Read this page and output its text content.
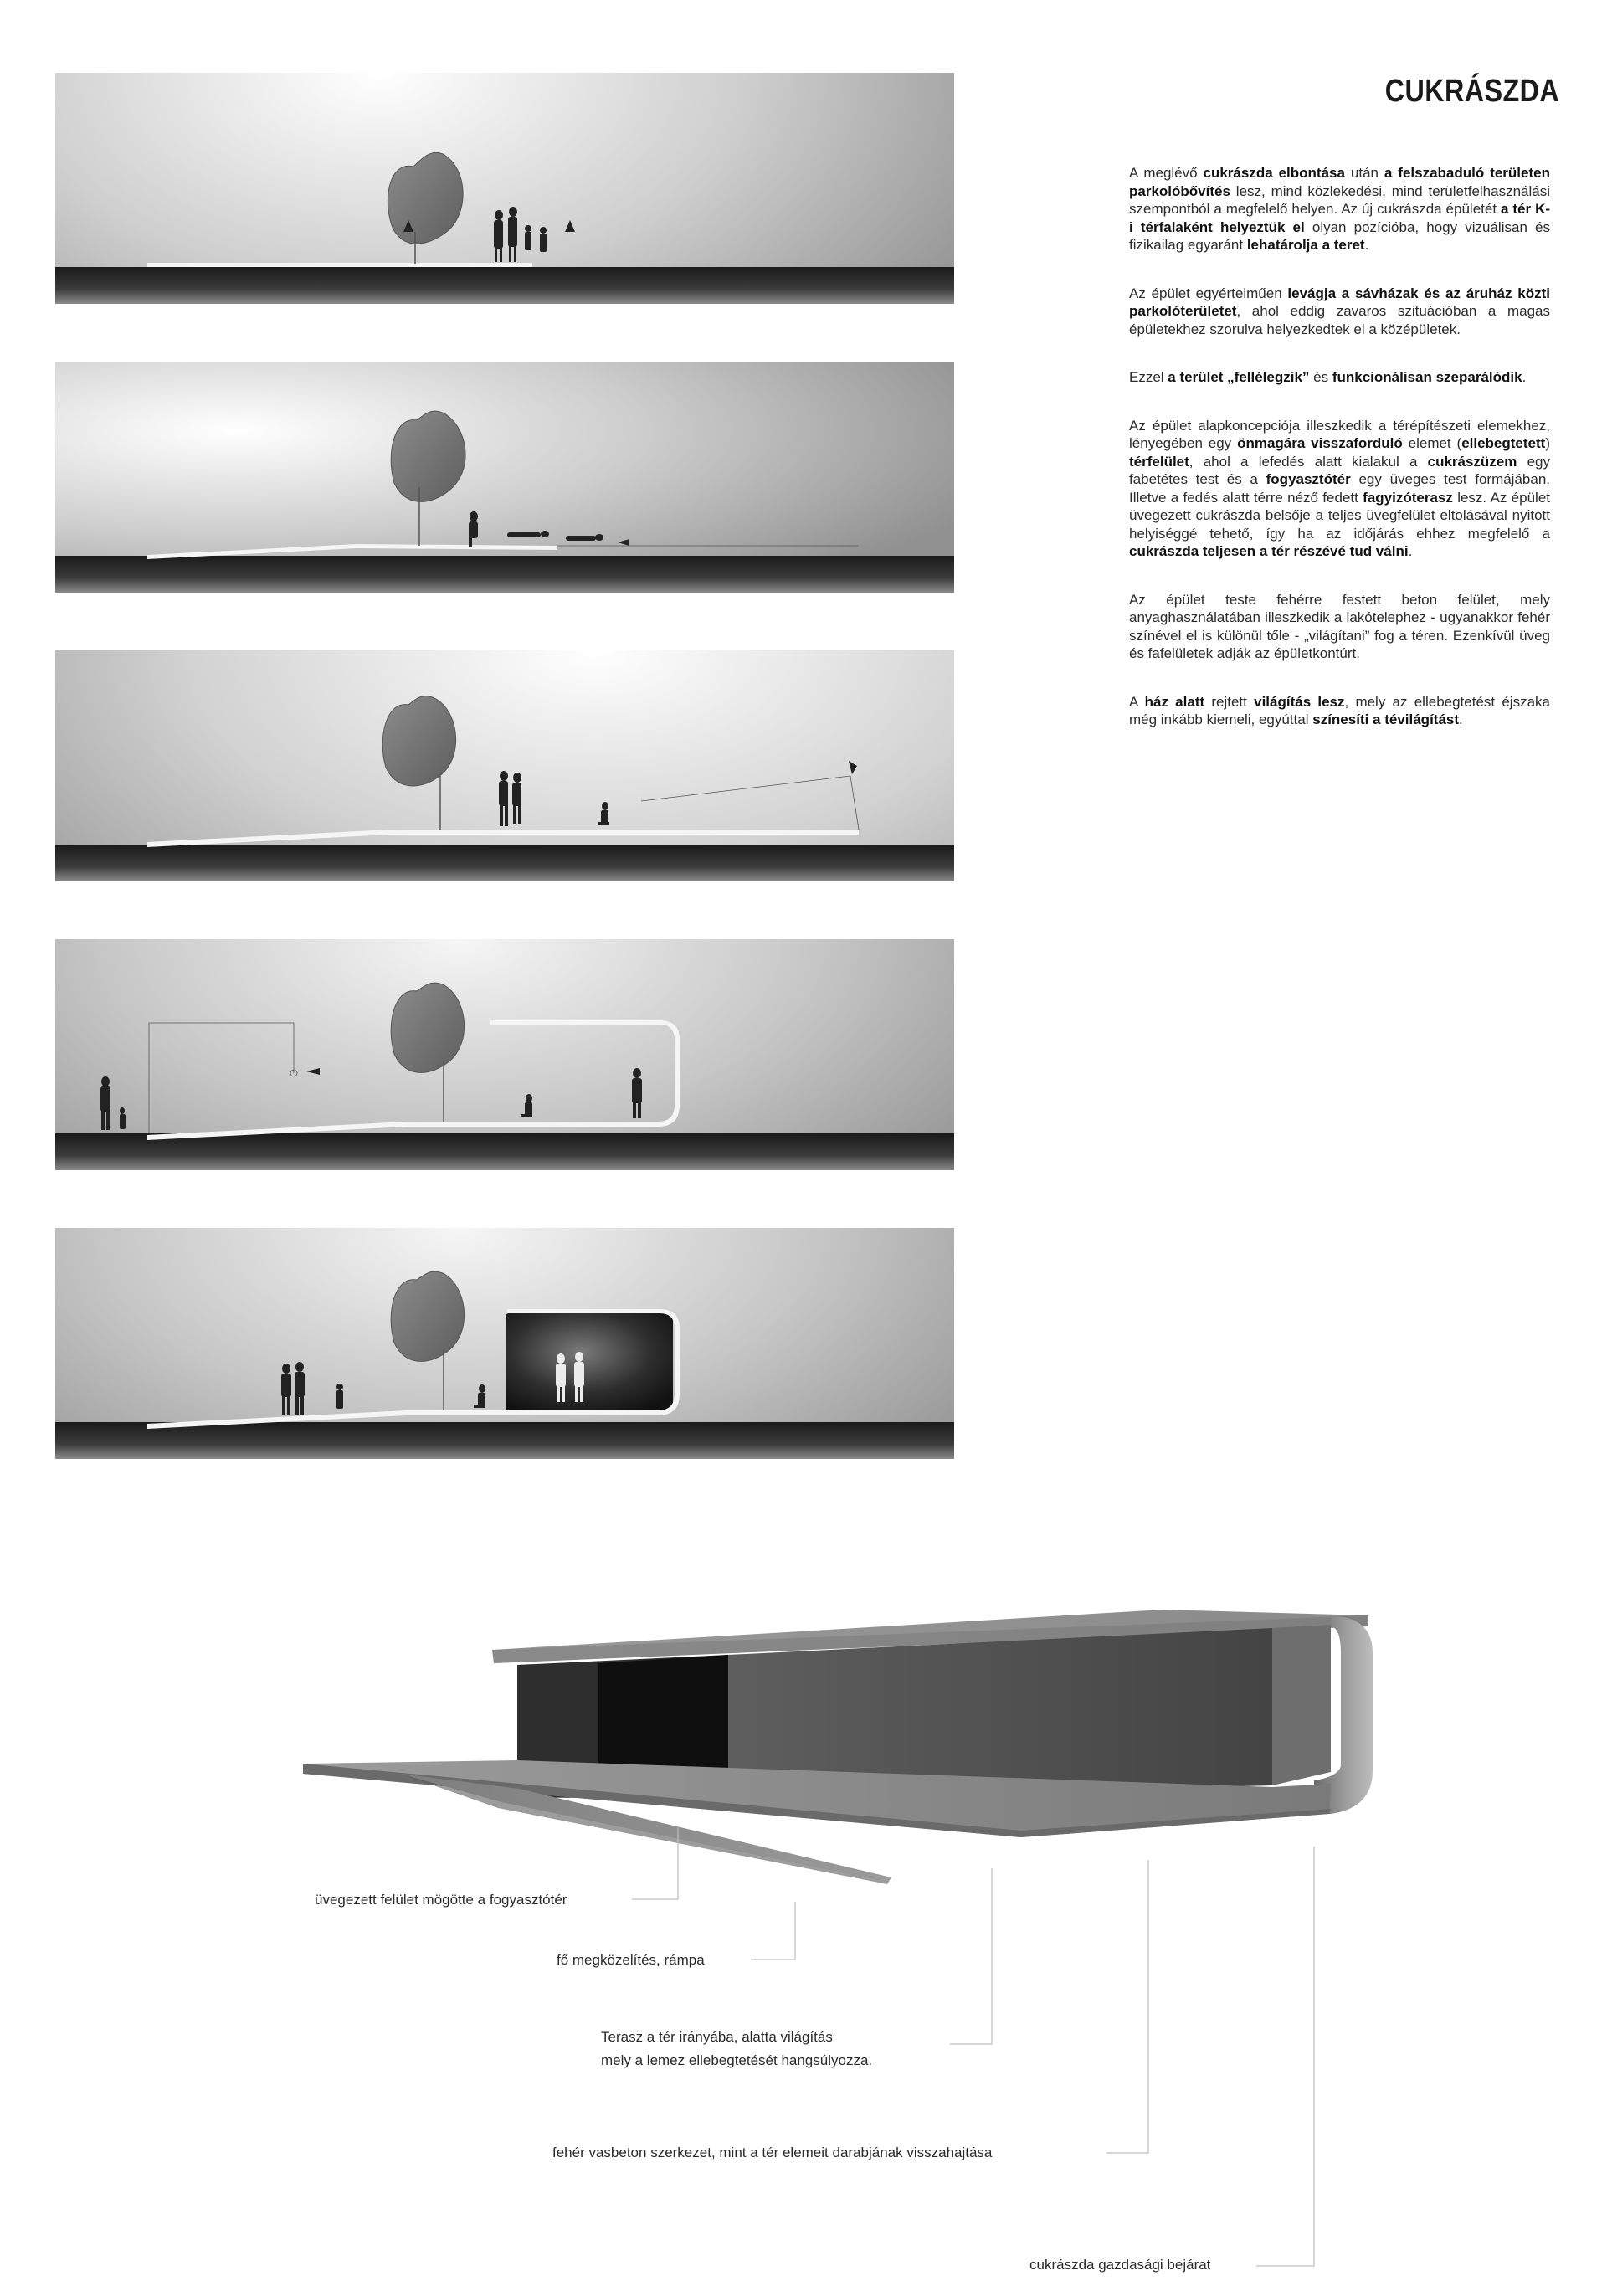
CUKRÁSZDA

A meglévő cukrászda elbontása után a felszabaduló területen parkolóbővítés lesz, mind közlekedési, mind területfelhasználási szempontból a megfelelő helyen. Az új cukrászda épületét a tér K-i térfalaként helyeztük el olyan pozícióba, hogy vizuálisan és fizikailag egyaránt lehatárolja a teret.

Az épület egyértelműen levágja a sávházak és az áruház közti parkolóterületet, ahol eddig zavaros szituációban a magas épületekhez szorulva helyezkedtek el a középületek.

Ezzel a terület „fellélegzik” és funkcionálisan szeparálódik.

Az épület alapkoncepciója illeszkedik a térépítészeti elemekhez, lényegében egy önmagára visszaforduló elemet (ellebegtetett) térfelület, ahol a lefedés alatt kialakul a cukrászüzem egy fabetétes test és a fogyasztótér egy üveges test formájában. Illetve a fedés alatt térre néző fedett fagyizóterasz lesz. Az épület üvegezett cukrászda belsője a teljes üvegfelület eltolásával nyitott helyiséggé tehető, így ha az időjárás ehhez megfelelő a cukrászda teljesen a tér részévé tud válni.

Az épület teste fehérre festett beton felület, mely anyaghasználatában illeszkedik a lakótelephez - ugyanakkor fehér színével el is különül tőle - „világítani” fog a téren. Ezenkívül üveg és fafelületek adják az épületkontúrt.

A ház alatt rejtett világítás lesz, mely az ellebegtetést éjszaka még inkább kiemeli, egyúttal színesíti a tévilágítást.

üvegezett felület mögötte a fogyasztótér
fő megközelítés, rámpa
Terasz a tér irányába, alatta világítás
mely a lemez ellebegtetését hangsúlyozza.
fehér vasbeton szerkezet, mint a tér elemeit darabjának visszahajtása
cukrászda gazdasági bejárat
